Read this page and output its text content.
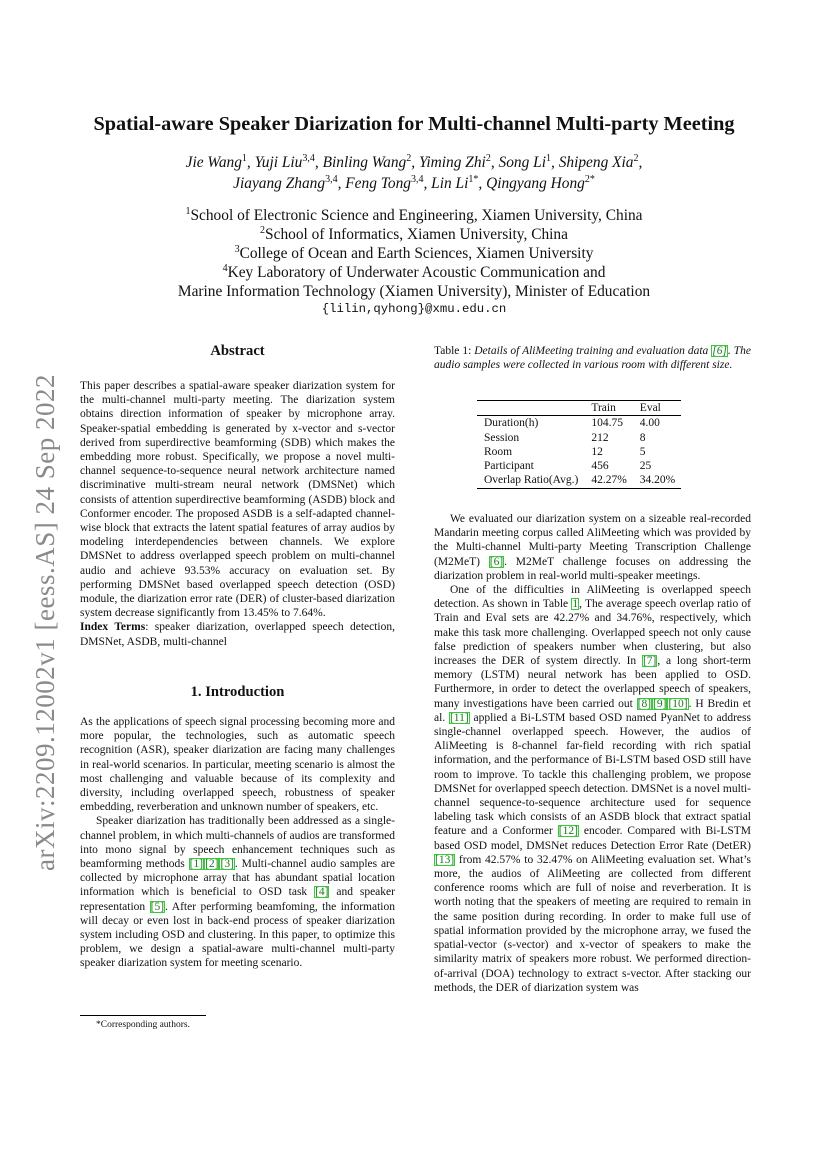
arXiv:2209.12002v1 [eess.AS] 24 Sep 2022
Spatial-aware Speaker Diarization for Multi-channel Multi-party Meeting
Jie Wang$^1$, Yuji Liu$^{3,4}$, Binling Wang$^2$, Yiming Zhi$^2$, Song Li$^1$, Shipeng Xia$^2$,
Jiayang Zhang$^{3,4}$, Feng Tong$^{3,4}$, Lin $Li^{1*}$, Qingyang Hong$^{2*}$
$^1$School of Electronic Science and Engineering, Xiamen University, China
$^2$School of Informatics, Xiamen University, China
$^3$College of Ocean and Earth Sciences, Xiamen University
$^4$Key Laboratory of Underwater Acoustic Communication and
Marine Information Technology (Xiamen University), Minister of Education
{lilin,qyhong}@xmu.edu.cn
Abstract

This paper describes a spatial-aware speaker diarization system for the multi-channel multi-party meeting. The diarization system obtains direction information of speaker by microphone array. Speaker-spatial embedding is generated by x-vector and s-vector derived from superdirective beamforming (SDB) which makes the embedding more robust. Specifically, we propose a novel multi-channel sequence-to-sequence neural network architecture named discriminative multi-stream neural network (DMSNet) which consists of attention superdirective beamforming (ASDB) block and Conformer encoder. The proposed ASDB is a self-adapted channel-wise block that extracts the latent spatial features of array audios by modeling interdependencies between channels. We explore DMSNet to address overlapped speech problem on multi-channel audio and achieve 93.53% accuracy on evaluation set. By performing DMSNet based overlapped speech detection (OSD) module, the diarization error rate (DER) of cluster-based diarization system decrease significantly from 13.45% to 7.64%.

Index Terms: speaker diarization, overlapped speech detection, DMSNet, ASDB, multi-channel

1. Introduction

As the applications of speech signal processing becoming more and more popular, the technologies, such as automatic speech recognition (ASR), speaker diarization are facing many challenges in real-world scenarios. In particular, meeting scenario is almost the most challenging and valuable because of its complexity and diversity, including overlapped speech, robustness of speaker embedding, reverberation and unknown number of speakers, etc.

Speaker diarization has traditionally been addressed as a single-channel problem, in which multi-channels of audios are transformed into mono signal by speech enhancement techniques such as beamforming methods [1] [2] [3]. Multi-channel audio samples are collected by microphone array that has abundant spatial location information which is beneficial to OSD task [4] and speaker representation [5]. After performing beamfoming, the information will decay or even lost in back-end process of speaker diarization system including OSD and clustering. In this paper, to optimize this problem, we design a spatial-aware multi-channel multi-party speaker diarization system for meeting scenario.

*Corresponding authors.
Table 1: Details of AliMeeting training and evaluation data [6]. The audio samples were collected in various room with different size.
	Train	Eval
Duration(h)	104.75	4.00
Session	212	8
Room	12	5
Participant	456	25
Overlap Ratio(Avg.)	42.27%	34.20%

We evaluated our diarization system on a sizeable real-recorded Mandarin meeting corpus called AliMeeting which was provided by the Multi-channel Multi-party Meeting Transcription Challenge (M2MeT) [6]. M2MeT challenge focuses on addressing the diarization problem in real-world multi-speaker meetings.

One of the difficulties in AliMeeting is overlapped speech detection. As shown in Table 1, The average speech overlap ratio of Train and Eval sets are 42.27% and 34.76%, respectively, which make this task more challenging. Overlapped speech not only cause false prediction of speakers number when clustering, but also increases the DER of system directly. In [7], a long short-term memory (LSTM) neural network has been applied to OSD. Furthermore, in order to detect the overlapped speech of speakers, many investigations have been carried out [8] [9] [10]. H Bredin et al. [11] applied a Bi-LSTM based OSD named PyanNet to address single-channel overlapped speech. However, the audios of AliMeeting is 8-channel far-field recording with rich spatial information, and the performance of Bi-LSTM based OSD still have room to improve. To tackle this challenging problem, we propose DMSNet for overlapped speech detection. DMSNet is a novel multi-channel sequence-to-sequence architecture used for sequence labeling task which consists of an ASDB block that extract spatial feature and a Conformer [12] encoder. Compared with Bi-LSTM based OSD model, DMSNet reduces Detection Error Rate (DetER) [13] from 42.57% to 32.47% on AliMeeting evaluation set. What’s more, the audios of AliMeeting are collected from different conference rooms which are full of noise and reverberation. It is worth noting that the speakers of meeting are required to remain in the same position during recording. In order to make full use of spatial information provided by the microphone array, we fused the spatial-vector (s-vector) and x-vector of speakers to make the similarity matrix of speakers more robust. We performed direction-of-arrival (DOA) technology to extract s-vector. After stacking our methods, the DER of diarization system was
